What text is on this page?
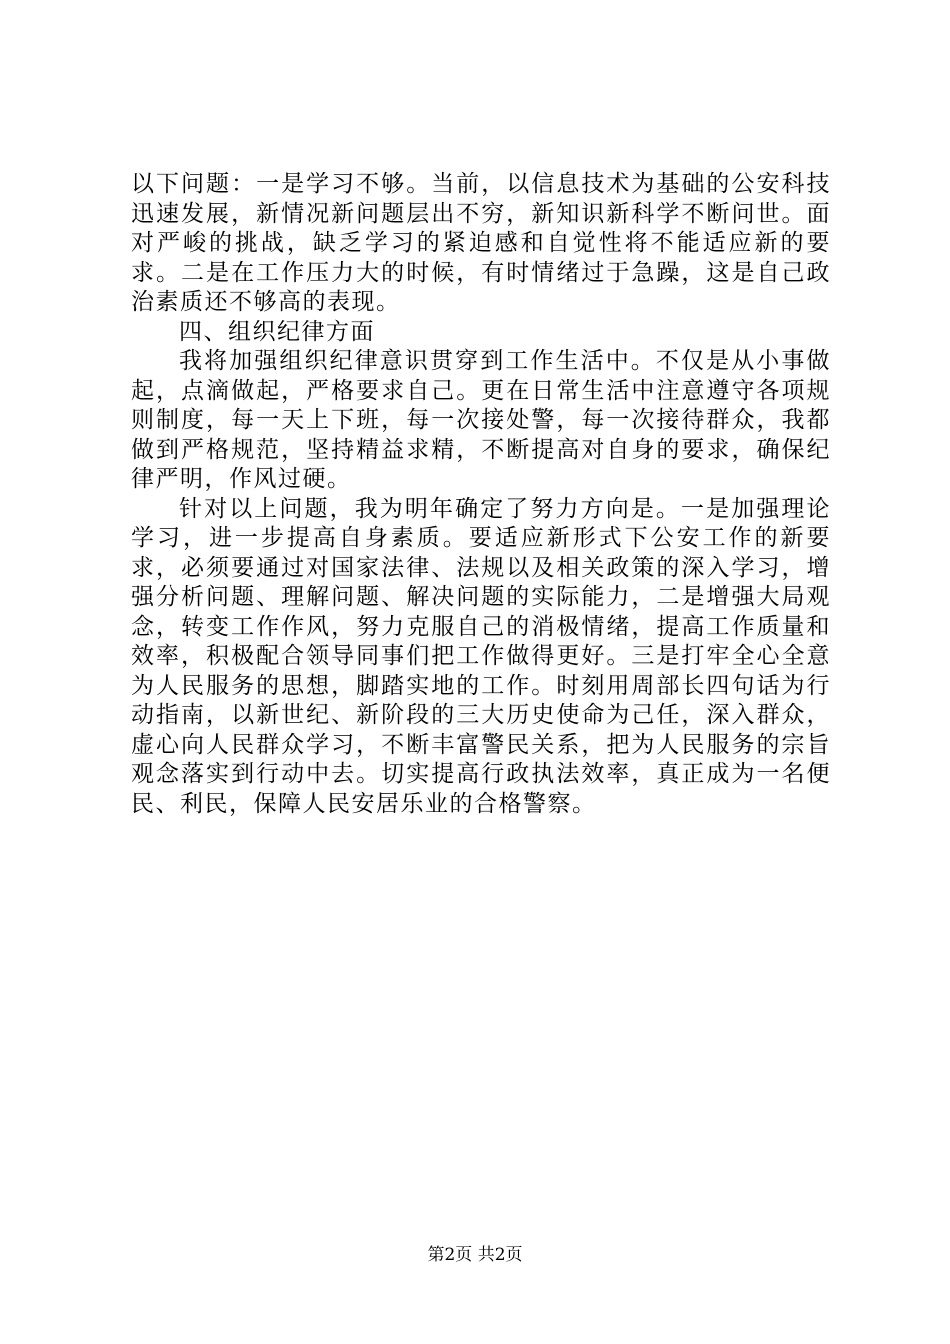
以下问题：一是学习不够。当前，以信息技术为基础的公安科技迅速发展，新情况新问题层出不穷，新知识新科学不断问世。面对严峻的挑战，缺乏学习的紧迫感和自觉性将不能适应新的要求。二是在工作压力大的时候，有时情绪过于急躁，这是自己政治素质还不够高的表现。

四、组织纪律方面

我将加强组织纪律意识贯穿到工作生活中。不仅是从小事做起，点滴做起，严格要求自己。更在日常生活中注意遵守各项规则制度，每一天上下班，每一次接处警，每一次接待群众，我都做到严格规范，坚持精益求精，不断提高对自身的要求，确保纪律严明，作风过硬。

针对以上问题，我为明年确定了努力方向是。一是加强理论学习，进一步提高自身素质。要适应新形式下公安工作的新要求，必须要通过对国家法律、法规以及相关政策的深入学习，增强分析问题、理解问题、解决问题的实际能力，二是增强大局观念，转变工作作风，努力克服自己的消极情绪，提高工作质量和效率，积极配合领导同事们把工作做得更好。三是打牢全心全意为人民服务的思想，脚踏实地的工作。时刻用周部长四句话为行动指南，以新世纪、新阶段的三大历史使命为己任，深入群众，虚心向人民群众学习，不断丰富警民关系，把为人民服务的宗旨观念落实到行动中去。切实提高行政执法效率，真正成为一名便民、利民，保障人民安居乐业的合格警察。

第2页 共2页
